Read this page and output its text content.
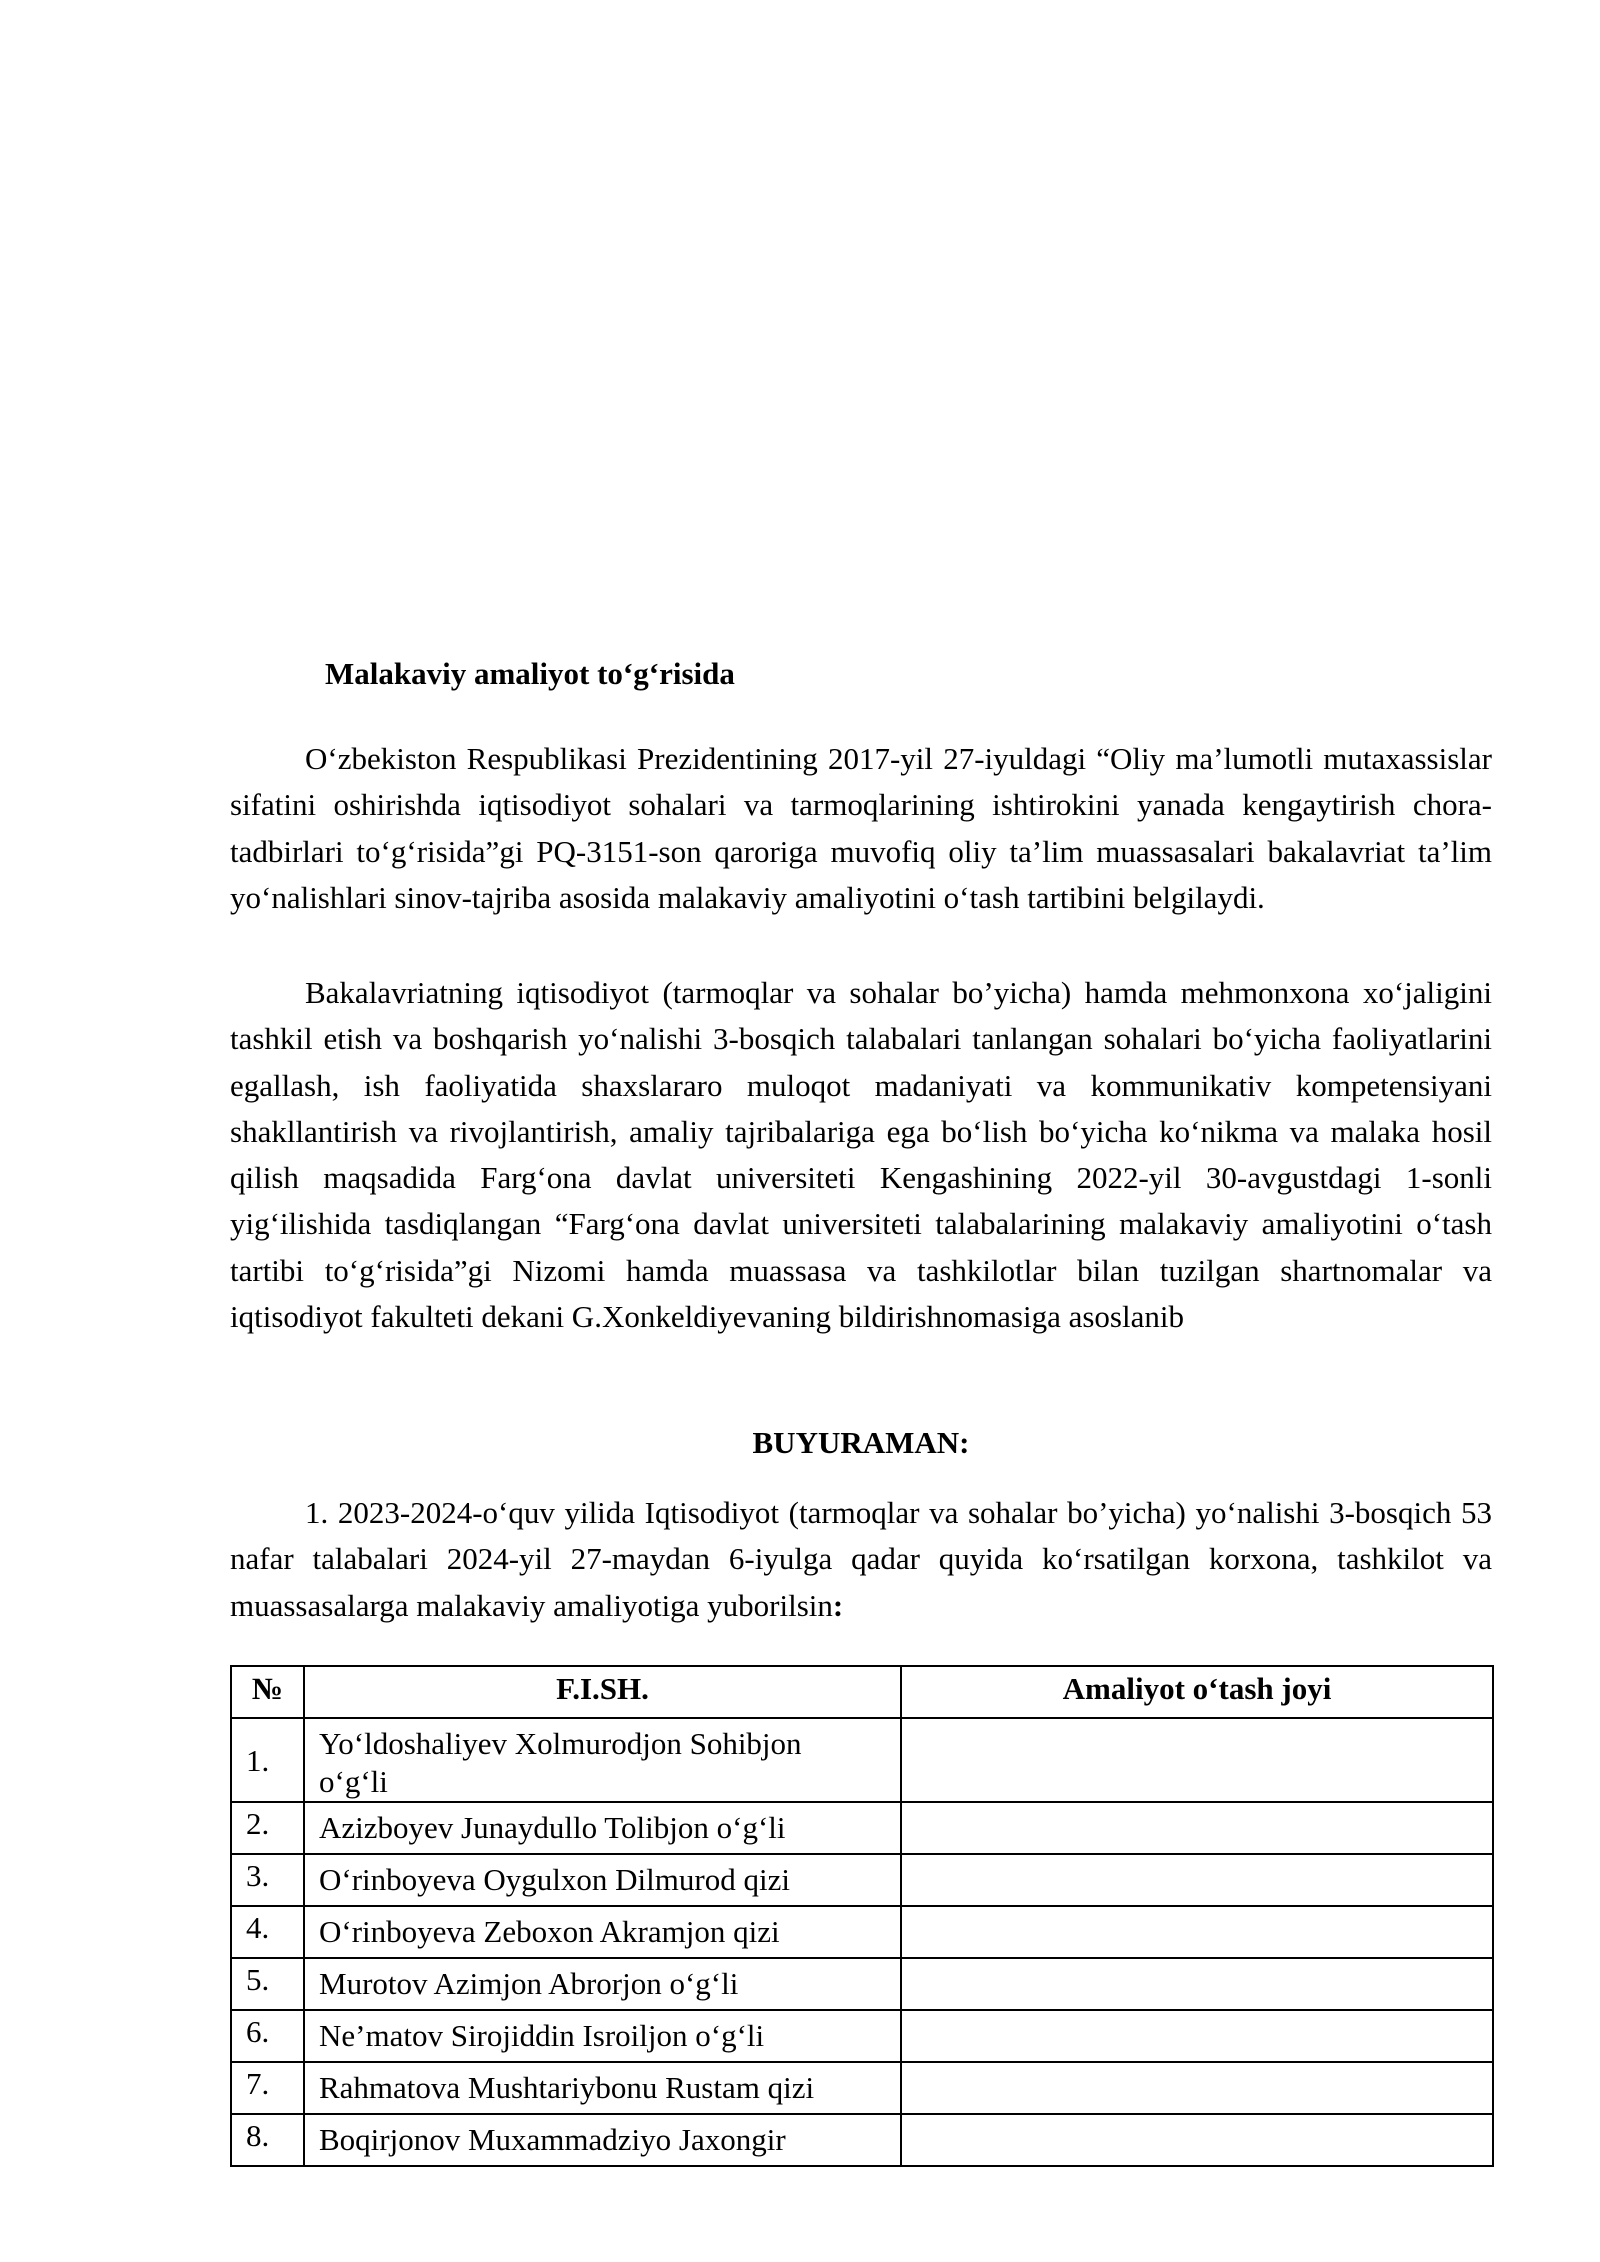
Malakaviy amaliyot to‘g‘risida

O‘zbekiston Respublikasi Prezidentining 2017-yil 27-iyuldagi “Oliy ma’lumotli mutaxassislar sifatini oshirishda iqtisodiyot sohalari va tarmoqlarining ishtirokini yanada kengaytirish chora-tadbirlari to‘g‘risida”gi PQ-3151-son qaroriga muvofiq oliy ta’lim muassasalari bakalavriat ta’lim yo‘nalishlari sinov-tajriba asosida malakaviy amaliyotini o‘tash tartibini belgilaydi.

Bakalavriatning iqtisodiyot (tarmoqlar va sohalar bo’yicha) hamda mehmonxona xo‘jaligini tashkil etish va boshqarish yo‘nalishi 3-bosqich talabalari tanlangan sohalari bo‘yicha faoliyatlarini egallash, ish faoliyatida shaxslararo muloqot madaniyati va kommunikativ kompetensiyani shakllantirish va rivojlantirish, amaliy tajribalariga ega bo‘lish bo‘yicha ko‘nikma va malaka hosil qilish maqsadida Farg‘ona davlat universiteti Kengashining 2022-yil 30-avgustdagi 1-sonli yig‘ilishida tasdiqlangan “Farg‘ona davlat universiteti talabalarining malakaviy amaliyotini o‘tash tartibi to‘g‘risida”gi Nizomi hamda muassasa va tashkilotlar bilan tuzilgan shartnomalar va iqtisodiyot fakulteti dekani G.Xonkeldiyevaning bildirishnomasiga asoslanib

BUYURAMAN:

1. 2023-2024-o‘quv yilida Iqtisodiyot (tarmoqlar va sohalar bo’yicha) yo‘nalishi 3-bosqich 53 nafar talabalari 2024-yil 27-maydan 6-iyulga qadar quyida ko‘rsatilgan korxona, tashkilot va muassasalarga malakaviy amaliyotiga yuborilsin:

№	F.I.SH.	Amaliyot o‘tash joyi
1.	Yo‘ldoshaliyev Xolmurodjon Sohibjon
o‘g‘li	
2.	Azizboyev Junaydullo Tolibjon o‘g‘li	
3.	O‘rinboyeva Oygulxon Dilmurod qizi	
4.	O‘rinboyeva Zeboxon Akramjon qizi	
5.	Murotov Azimjon Abrorjon o‘g‘li	
6.	Ne’matov Sirojiddin Isroiljon o‘g‘li	
7.	Rahmatova Mushtariybonu Rustam qizi	
8.	Boqirjonov Muxammadziyo Jaxongir	
